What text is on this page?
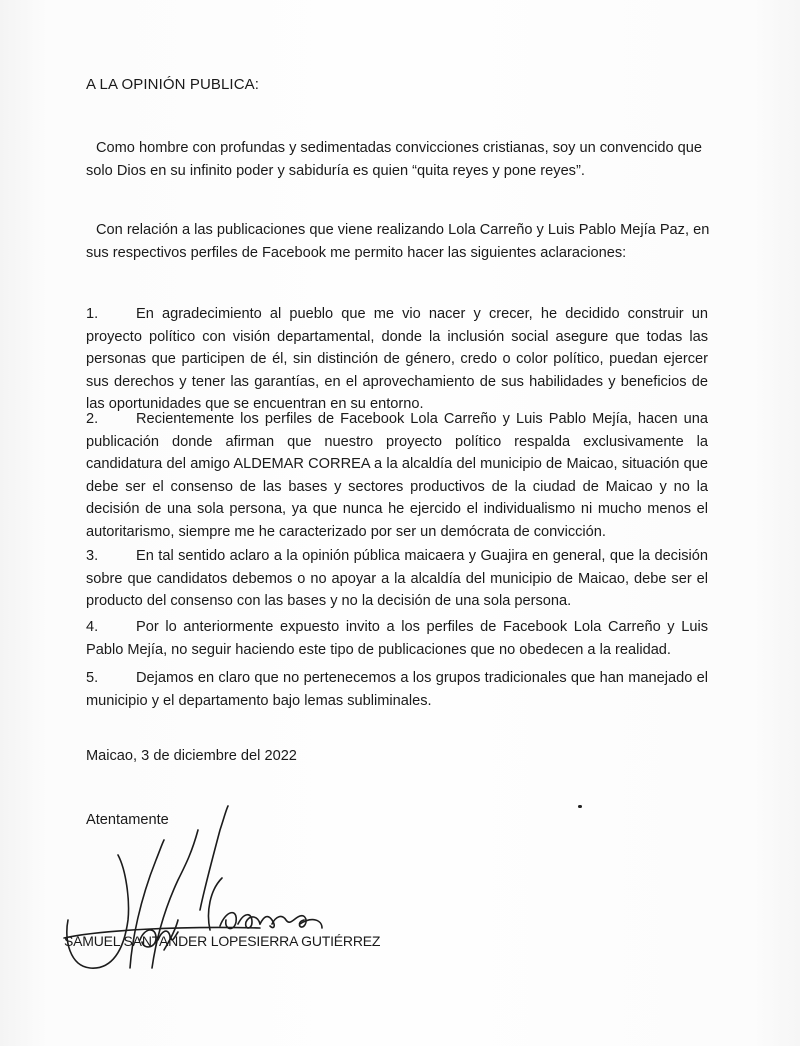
A LA OPINIÓN PUBLICA:
Como hombre con profundas y sedimentadas convicciones cristianas, soy un convencido que solo Dios en su infinito poder y sabiduría es quien “quita reyes y pone reyes”.
Con relación a las publicaciones que viene realizando Lola Carreño y Luis Pablo Mejía Paz, en sus respectivos perfiles de Facebook me permito hacer las siguientes aclaraciones:
1.	En agradecimiento al pueblo que me vio nacer y crecer, he decidido construir un proyecto político con visión departamental, donde la inclusión social asegure que todas las personas que participen de él, sin distinción de género, credo o color político, puedan ejercer sus derechos y tener las garantías, en el aprovechamiento de sus habilidades y beneficios de las oportunidades que se encuentran en su entorno.
2.	Recientemente los perfiles de Facebook Lola Carreño y Luis Pablo Mejía, hacen una publicación donde afirman que nuestro proyecto político respalda exclusivamente la candidatura del amigo ALDEMAR CORREA a la alcaldía del municipio de Maicao, situación que debe ser el consenso de las bases y sectores productivos de la ciudad de Maicao y no la decisión de una sola persona, ya que nunca he ejercido el individualismo ni mucho menos el autoritarismo, siempre me he caracterizado por ser un demócrata de convicción.
3.	En tal sentido aclaro a la opinión pública maicaera y Guajira en general, que la decisión sobre que candidatos debemos o no apoyar a la alcaldía del municipio de Maicao, debe ser el producto del consenso con las bases y no la decisión de una sola persona.
4.	Por lo anteriormente expuesto invito a los perfiles de Facebook Lola Carreño y Luis Pablo Mejía, no seguir haciendo este tipo de publicaciones que no obedecen a la realidad.
5.	Dejamos en claro que no pertenecemos a los grupos tradicionales que han manejado el municipio y el departamento bajo lemas subliminales.
Maicao, 3 de diciembre del 2022
Atentamente
SAMUEL SANTANDER LOPESIERRA GUTIÉRREZ
